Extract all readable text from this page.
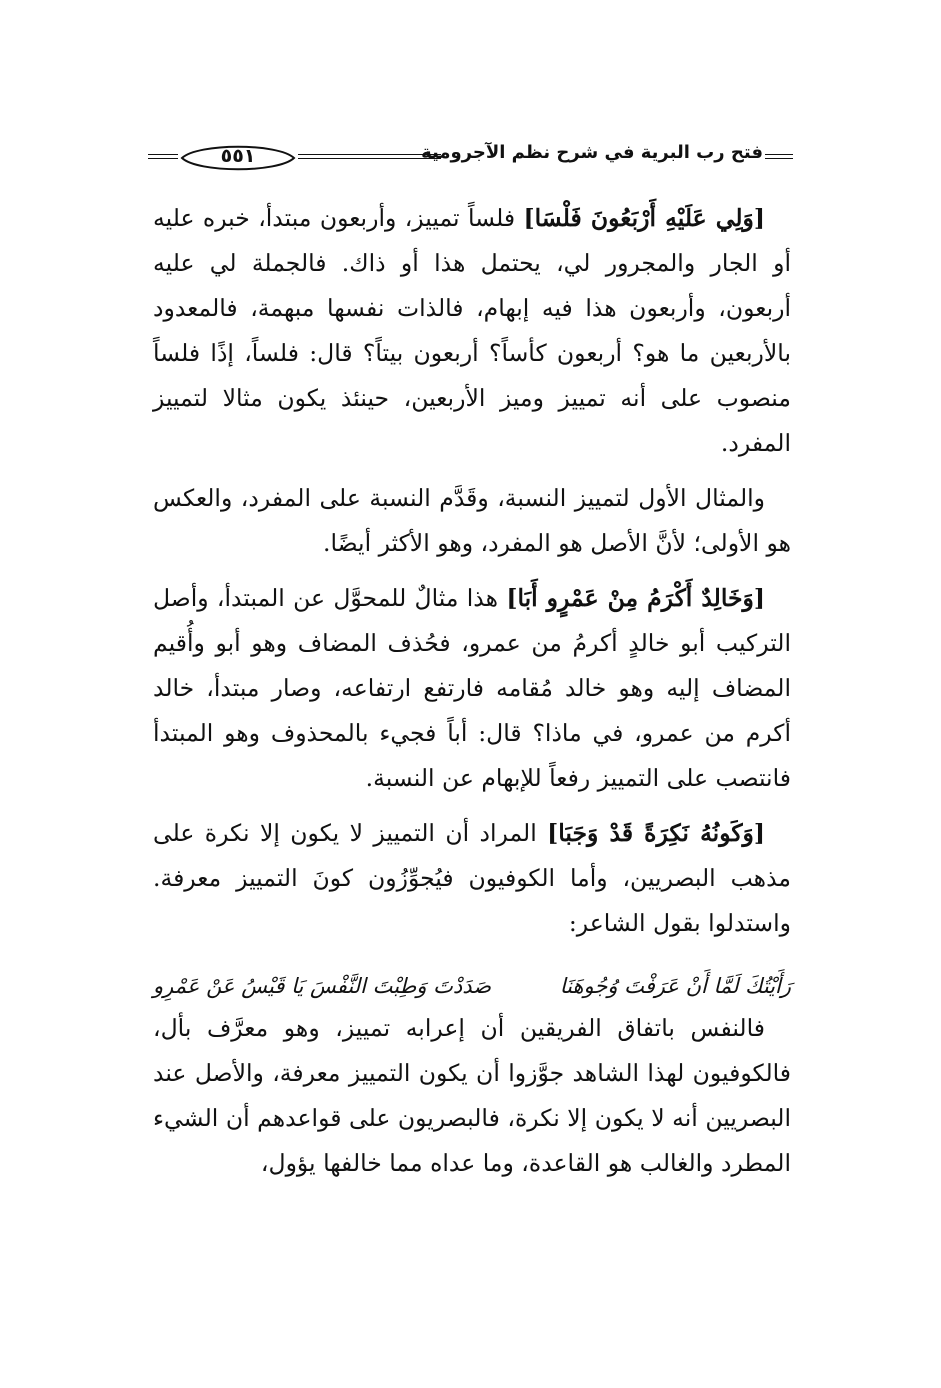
٥٥١	فتح رب البرية في شرح نظم الآجرومية

[وَلِي عَلَيْهِ أَرْبَعُونَ فَلْسَا] فلساً تمييز، وأربعون مبتدأ، خبره عليه أو الجار والمجرور لي، يحتمل هذا أو ذاك. فالجملة لي عليه أربعون، وأربعون هذا فيه إبهام، فالذات نفسها مبهمة، فالمعدود بالأربعين ما هو؟ أربعون كأساً؟ أربعون بيتاً؟ قال: فلساً، إذًا فلساً منصوب على أنه تمييز وميز الأربعين، حينئذ يكون مثالا لتمييز المفرد.

والمثال الأول لتمييز النسبة، وقَدَّم النسبة على المفرد، والعكس هو الأولى؛ لأنَّ الأصل هو المفرد، وهو الأكثر أيضًا.

[وَخَالِدٌ أَكْرَمُ مِنْ عَمْرٍو أَبَا] هذا مثالٌ للمحوَّل عن المبتدأ، وأصل التركيب أبو خالدٍ أكرمُ من عمرو، فحُذف المضاف وهو أبو وأُقيم المضاف إليه وهو خالد مُقامه فارتفع ارتفاعه، وصار مبتدأ، خالد أكرم من عمرو، في ماذا؟ قال: أباً فجيء بالمحذوف وهو المبتدأ فانتصب على التمييز رفعاً للإبهام عن النسبة.

[وَكَونُهُ نَكِرَةً قَدْ وَجَبَا] المراد أن التمييز لا يكون إلا نكرة على مذهب البصريين، وأما الكوفيون فيُجوِّزُون كونَ التمييز معرفة. واستدلوا بقول الشاعر:

رَأَيْتُكَ لَمَّا أَنْ عَرَفْتَ وُجُوهَنَا
صَدَدْتَ وَطِبْتَ النَّفْسَ يَا قَيْسُ عَنْ عَمْرِو

فالنفس باتفاق الفريقين أن إعرابه تمييز، وهو معرَّف بأل، فالكوفيون لهذا الشاهد جوَّزوا أن يكون التمييز معرفة، والأصل عند البصريين أنه لا يكون إلا نكرة، فالبصريون على قواعدهم أن الشيء المطرد والغالب هو القاعدة، وما عداه مما خالفها يؤول،
